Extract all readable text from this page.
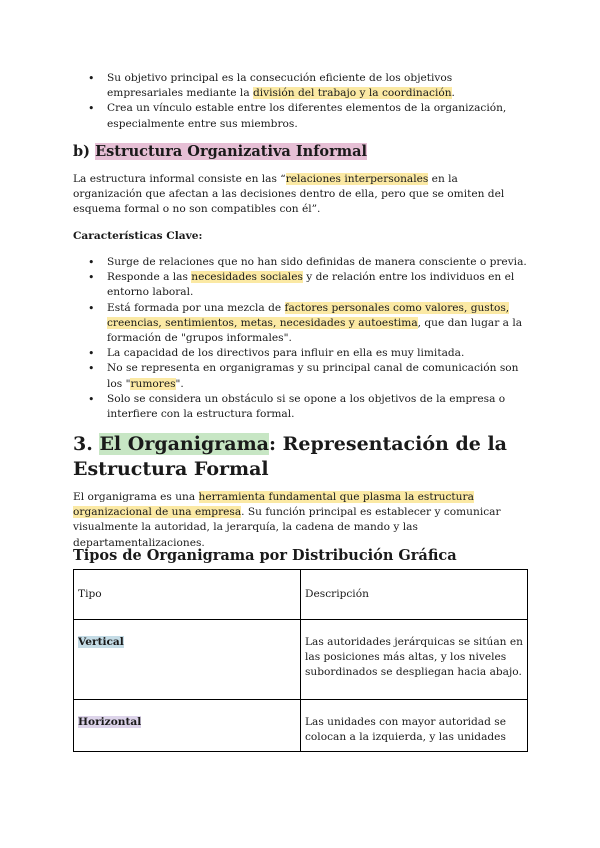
• Su objetivo principal es la consecución eficiente de los objetivos empresariales mediante la división del trabajo y la coordinación.
• Crea un vínculo estable entre los diferentes elementos de la organización, especialmente entre sus miembros.
b) Estructura Organizativa Informal

La estructura informal consiste en las “relaciones interpersonales en la organización que afectan a las decisiones dentro de ella, pero que se omiten del esquema formal o no son compatibles con él”.

Características Clave:

• Surge de relaciones que no han sido definidas de manera consciente o previa.
• Responde a las necesidades sociales y de relación entre los individuos en el entorno laboral.
• Está formada por una mezcla de factores personales como valores, gustos, creencias, sentimientos, metas, necesidades y autoestima, que dan lugar a la formación de "grupos informales".
• La capacidad de los directivos para influir en ella es muy limitada.
• No se representa en organigramas y su principal canal de comunicación son los "rumores".
• Solo se considera un obstáculo si se opone a los objetivos de la empresa o interfiere con la estructura formal.
3. El Organigrama: Representación de la Estructura Formal

El organigrama es una herramienta fundamental que plasma la estructura organizacional de una empresa. Su función principal es establecer y comunicar visualmente la autoridad, la jerarquía, la cadena de mando y las departamentalizaciones.

Tipos de Organigrama por Distribución Gráfica
Tipo	Descripción
Vertical	Las autoridades jerárquicas se sitúan en las posiciones más altas, y los niveles subordinados se despliegan hacia abajo.
Horizontal	Las unidades con mayor autoridad se colocan a la izquierda, y las unidades
